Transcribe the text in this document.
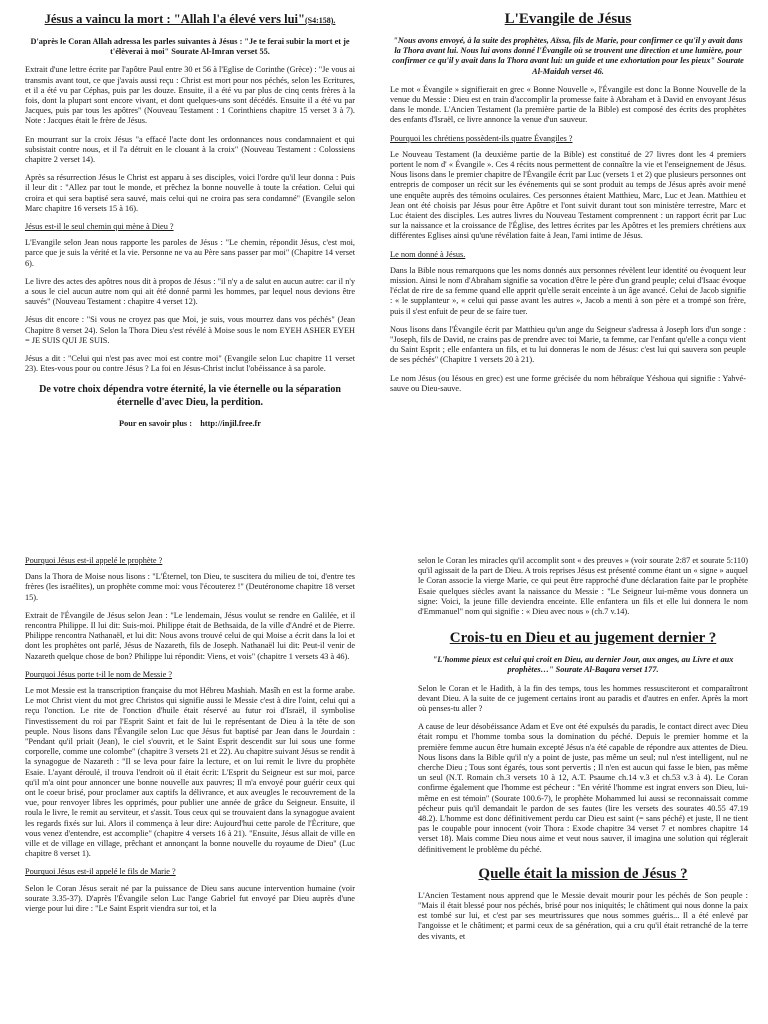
Jésus a vaincu la mort : "Allah l'a élevé vers lui"(S4:158).

D'après le Coran Allah adressa les parles suivantes à Jésus : "Je te ferai subir la mort et je t'élèverai à moi" Sourate Al-Imran verset 55.

Extrait d'une lettre écrite par l'apôtre Paul entre 30 et 56 à l'Eglise de Corinthe (Grèce) : "Je vous ai transmis avant tout, ce que j'avais aussi reçu : Christ est mort pour nos péchés, selon les Ecritures, et il a été vu par Céphas, puis par les douze. Ensuite, il a été vu par plus de cinq cents frères à la fois, dont la plupart sont encore vivant, et dont quelques-uns sont décédés. Ensuite il a été vu par Jacques, puis par tous les apôtres" (Nouveau Testament : 1 Corinthiens chapitre 15 verset 3 à 7). Note : Jacques était le frère de Jésus.

En mourrant sur la croix Jésus "a effacé l'acte dont les ordonnances nous condamnaient et qui subsistait contre nous, et il l'a détruit en le clouant à la croix" (Nouveau Testament : Colossiens chapitre 2 verset 14).

Après sa résurrection Jésus le Christ est apparu à ses disciples, voici l'ordre qu'il leur donna : Puis il leur dit : "Allez par tout le monde, et prêchez la bonne nouvelle à toute la création. Celui qui croira et qui sera baptisé sera sauvé, mais celui qui ne croira pas sera condamné" (Evangile selon Marc chapitre 16 versets 15 à 16).

Jésus est-il le seul chemin qui mène à Dieu ?

L'Evangile selon Jean nous rapporte les paroles de Jésus : "Le chemin, répondit Jésus, c'est moi, parce que je suis la vérité et la vie. Personne ne va au Père sans passer par moi" (Chapitre 14 verset 6).

Le livre des actes des apôtres nous dit à propos de Jésus : "il n'y a de salut en aucun autre: car il n'y a sous le ciel aucun autre nom qui ait été donné parmi les hommes, par lequel nous devions être sauvés" (Nouveau Testament : chapitre 4 verset 12).

Jésus dit encore : "Si vous ne croyez pas que Moi, je suis, vous mourrez dans vos péchés" (Jean Chapitre 8 verset 24). Selon la Thora Dieu s'est révélé à Moise sous le nom EYEH ASHER EYEH = JE SUIS QUI JE SUIS.

Jésus a dit : "Celui qui n'est pas avec moi est contre moi" (Evangile selon Luc chapitre 11 verset 23). Etes-vous pour ou contre Jésus ? La foi en Jésus-Christ inclut l'obéissance à sa parole.

De votre choix dépendra votre éternité, la vie éternelle ou la séparation éternelle d'avec Dieu, la perdition.
Pour en savoir plus : http://injil.free.fr
L'Evangile de Jésus

"Nous avons envoyé, à la suite des prophètes, Aïssa, fils de Marie, pour confirmer ce qu'il y avait dans la Thora avant lui. Nous lui avons donné l'Évangile où se trouvent une direction et une lumière, pour confirmer ce qu'il y avait dans la Thora avant lui: un guide et une exhortation pour les pieux" Sourate Al-Maidah verset 46.

Le mot « Évangile » signifierait en grec « Bonne Nouvelle », l'Évangile est donc la Bonne Nouvelle de la venue du Messie : Dieu est en train d'accomplir la promesse faite à Abraham et à David en envoyant Jésus dans le monde. L'Ancien Testament (la première partie de la Bible) est composé des écrits des prophètes des enfants d'Israël, ce livre annonce la venue d'un sauveur.

Pourquoi les chrétiens possèdent-ils quatre Évangiles ?

Le Nouveau Testament (la deuxième partie de la Bible) est constitué de 27 livres dont les 4 premiers portent le nom d' « Évangile ». Ces 4 récits nous permettent de connaître la vie et l'enseignement de Jésus. Nous lisons dans le premier chapitre de l'Évangile écrit par Luc (versets 1 et 2) que plusieurs personnes ont entrepris de composer un récit sur les événements qui se sont produit au temps de Jésus après avoir mené une enquête auprès des témoins oculaires. Ces personnes étaient Matthieu, Marc, Luc et Jean. Matthieu et Jean ont été choisis par Jésus pour être Apôtre et l'ont suivit durant tout son ministère terrestre, Marc et Luc étaient des disciples. Les autres livres du Nouveau Testament comprennent : un rapport écrit par Luc sur la naissance et la croissance de l'Église, des lettres écrites par les Apôtres et les premiers chrétiens aux différentes Eglises ainsi qu'une révélation faite à Jean, l'ami intime de Jésus.

Le nom donné à Jésus.

Dans la Bible nous remarquons que les noms donnés aux personnes révèlent leur identité ou évoquent leur mission. Ainsi le nom d'Abraham signifie sa vocation d'être le père d'un grand peuple; celui d'Isaac évoque l'éclat de rire de sa femme quand elle apprit qu'elle serait enceinte à un âge avancé. Celui de Jacob signifie : « le supplanteur », « celui qui passe avant les autres », Jacob a menti à son père et a trompé son frère, puis il s'est enfuit de peur de se faire tuer.

Nous lisons dans l'Évangile écrit par Matthieu qu'un ange du Seigneur s'adressa à Joseph lors d'un songe : "Joseph, fils de David, ne crains pas de prendre avec toi Marie, ta femme, car l'enfant qu'elle a conçu vient du Saint Esprit ; elle enfantera un fils, et tu lui donneras le nom de Jésus: c'est lui qui sauvera son peuple de ses péchés" (Chapitre 1 versets 20 à 21).

Le nom Jésus (ou Iésous en grec) est une forme grécisée du nom hébraïque Yéshoua qui signifie : Yahvé-sauve ou Dieu-sauve.

Pourquoi Jésus est-il appelé le prophète ?

Dans la Thora de Moise nous lisons : "L'Éternel, ton Dieu, te suscitera du milieu de toi, d'entre tes frères (les israélites), un prophète comme moi: vous l'écouterez !" (Deutéronome chapitre 18 verset 15).

Extrait de l'Évangile de Jésus selon Jean : "Le lendemain, Jésus voulut se rendre en Galilée, et il rencontra Philippe. Il lui dit: Suis-moi. Philippe était de Bethsaida, de la ville d'André et de Pierre. Philippe rencontra Nathanaël, et lui dit: Nous avons trouvé celui de qui Moise a écrit dans la loi et dont les prophètes ont parlé, Jésus de Nazareth, fils de Joseph. Nathanaël lui dit: Peut-il venir de Nazareth quelque chose de bon? Philippe lui répondit: Viens, et vois" (chapitre 1 versets 43 à 46).

Pourquoi Jésus porte t-il le nom de Messie ?

Le mot Messie est la transcription française du mot Hébreu Mashiah. Masîh en est la forme arabe. Le mot Christ vient du mot grec Christos qui signifie aussi le Messie c'est à dire l'oint, celui qui a reçu l'onction. Le rite de l'onction d'huile était réservé au futur roi d'Israël, il symbolise l'investissement du roi par l'Esprit Saint et fait de lui le représentant de Dieu à la tête de son peuple. Nous lisons dans l'Évangile selon Luc que Jésus fut baptisé par Jean dans le Jourdain : "Pendant qu'il priait (Jean), le ciel s'ouvrit, et le Saint Esprit descendit sur lui sous une forme corporelle, comme une colombe" (chapitre 3 versets 21 et 22). Au chapitre suivant Jésus se rendit à la synagogue de Nazareth : "Il se leva pour faire la lecture, et on lui remit le livre du prophète Esaie. L'ayant déroulé, il trouva l'endroit où il était écrit: L'Esprit du Seigneur est sur moi, parce qu'il m'a oint pour annoncer une bonne nouvelle aux pauvres; Il m'a envoyé pour guérir ceux qui ont le coeur brisé, pour proclamer aux captifs la délivrance, et aux aveugles le recouvrement de la vue, pour renvoyer libres les opprimés, pour publier une année de grâce du Seigneur. Ensuite, il roula le livre, le remit au serviteur, et s'assit. Tous ceux qui se trouvaient dans la synagogue avaient les regards fixés sur lui. Alors il commença à leur dire: Aujourd'hui cette parole de l'Écriture, que vous venez d'entendre, est accomplie" (chapitre 4 versets 16 à 21). "Ensuite, Jésus allait de ville en ville et de village en village, prêchant et annonçant la bonne nouvelle du royaume de Dieu" (Luc chapitre 8 verset 1).

Pourquoi Jésus est-il appelé le fils de Marie ?

Selon le Coran Jésus serait né par la puissance de Dieu sans aucune intervention humaine (voir sourate 3.35-37). D'après l'Évangile selon Luc l'ange Gabriel fut envoyé par Dieu auprès d'une vierge pour lui dire : "Le Saint Esprit viendra sur toi, et la

selon le Coran les miracles qu'il accomplit sont « des preuves » (voir sourate 2:87 et sourate 5:110) qu'il agissait de la part de Dieu. A trois reprises Jésus est présenté comme étant un « signe » auquel le Coran associe la vierge Marie, ce qui peut être rapproché d'une déclaration faite par le prophète Esaie quelques siècles avant la naissance du Messie : "Le Seigneur lui-même vous donnera un signe: Voici, la jeune fille deviendra enceinte. Elle enfantera un fils et elle lui donnera le nom d'Emmanuel" nom qui signifie : « Dieu avec nous » (ch.7 v.14).

Crois-tu en Dieu et au jugement dernier ?

"L'homme pieux est celui qui croit en Dieu, au dernier Jour, aux anges, au Livre et aux prophètes…" Sourate Al-Baqara verset 177.

Selon le Coran et le Hadith, à la fin des temps, tous les hommes ressusciteront et comparaîtront devant Dieu. A la suite de ce jugement certains iront au paradis et d'autres en enfer. Après la mort où penses-tu aller ?

A cause de leur désobéissance Adam et Eve ont été expulsés du paradis, le contact direct avec Dieu était rompu et l'homme tomba sous la domination du péché. Depuis le premier homme et la première femme aucun être humain excepté Jésus n'a été capable de répondre aux attentes de Dieu. Nous lisons dans la Bible qu'il n'y a point de juste, pas même un seul; nul n'est intelligent, nul ne cherche Dieu ; Tous sont égarés, tous sont pervertis ; Il n'en est aucun qui fasse le bien, pas même un seul (N.T. Romain ch.3 versets 10 à 12, A.T. Psaume ch.14 v.3 et ch.53 v.3 à 4). Le Coran confirme également que l'homme est pécheur : "En vérité l'homme est ingrat envers son Dieu, lui-même en est témoin" (Sourate 100.6-7), le prophète Mohammed lui aussi se reconnaissait comme pécheur puis qu'il demandait le pardon de ses fautes (lire les versets des sourates 40.55 47.19 48.2). L'homme est donc définitivement perdu car Dieu est saint (= sans péché) et juste, Il ne tient pas le coupable pour innocent (voir Thora : Exode chapitre 34 verset 7 et nombres chapitre 14 verset 18). Mais comme Dieu nous aime et veut nous sauver, il imagina une solution qui réglerait définitivement le problème du péché.

Quelle était la mission de Jésus ?

L'Ancien Testament nous apprend que le Messie devait mourir pour les péchés de Son peuple : "Mais il était blessé pour nos péchés, brisé pour nos iniquités; le châtiment qui nous donne la paix est tombé sur lui, et c'est par ses meurtrissures que nous sommes guéris... Il a été enlevé par l'angoisse et le châtiment; et parmi ceux de sa génération, qui a cru qu'il était retranché de la terre des vivants, et
